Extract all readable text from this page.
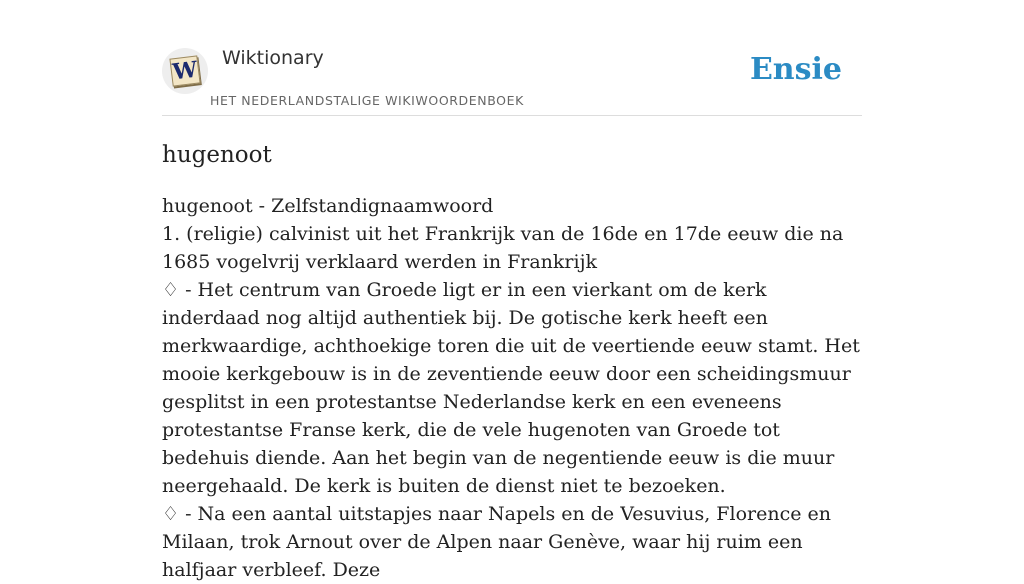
W Wiktionary
HET NEDERLANDSTALIGE WIKIWOORDENBOEK
Ensie
hugenoot

hugenoot - Zelfstandignaamwoord

1. (religie) calvinist uit het Frankrijk van de 16de en 17de eeuw die na 1685 vogelvrij verklaard werden in Frankrijk

♢ - Het centrum van Groede ligt er in een vierkant om de kerk inderdaad nog altijd authentiek bij. De gotische kerk heeft een merkwaardige, achthoekige toren die uit de veertiende eeuw stamt. Het mooie kerkgebouw is in de zeventiende eeuw door een scheidingsmuur gesplitst in een protestantse Nederlandse kerk en een eveneens protestantse Franse kerk, die de vele hugenoten van Groede tot bedehuis diende. Aan het begin van de negentiende eeuw is die muur neergehaald. De kerk is buiten de dienst niet te bezoeken.

♢ - Na een aantal uitstapjes naar Napels en de Vesuvius, Florence en Milaan, trok Arnout over de Alpen naar Genève, waar hij ruim een halfjaar verbleef. Deze
